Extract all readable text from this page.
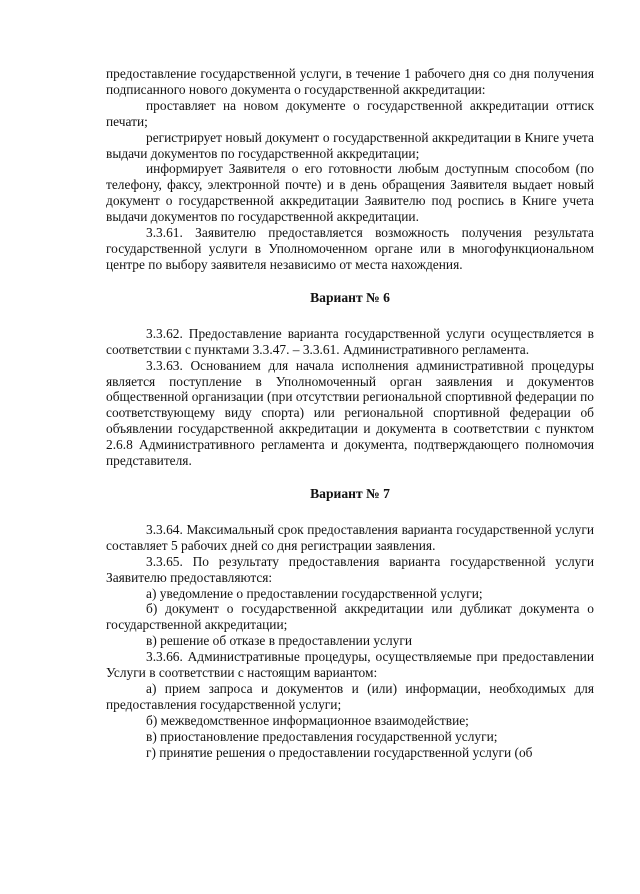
предоставление государственной услуги, в течение 1 рабочего дня со дня получения подписанного нового документа о государственной аккредитации:

проставляет на новом документе о государственной аккредитации оттиск печати;

регистрирует новый документ о государственной аккредитации в Книге учета выдачи документов по государственной аккредитации;

информирует Заявителя о его готовности любым доступным способом (по телефону, факсу, электронной почте) и в день обращения Заявителя выдает новый документ о государственной аккредитации Заявителю под роспись в Книге учета выдачи документов по государственной аккредитации.

3.3.61. Заявителю предоставляется возможность получения результата государственной услуги в Уполномоченном органе или в многофункциональном центре по выбору заявителя независимо от места нахождения.

Вариант № 6

3.3.62. Предоставление варианта государственной услуги осуществляется в соответствии с пунктами 3.3.47. – 3.3.61. Административного регламента.

3.3.63. Основанием для начала исполнения административной процедуры является поступление в Уполномоченный орган заявления и документов общественной организации (при отсутствии региональной спортивной федерации по соответствующему виду спорта) или региональной спортивной федерации об объявлении государственной аккредитации и документа в соответствии с пунктом 2.6.8 Административного регламента и документа, подтверждающего полномочия представителя.

Вариант № 7

3.3.64. Максимальный срок предоставления варианта государственной услуги составляет 5 рабочих дней со дня регистрации заявления.

3.3.65. По результату предоставления варианта государственной услуги Заявителю предоставляются:

а) уведомление о предоставлении государственной услуги;

б) документ о государственной аккредитации или дубликат документа о государственной аккредитации;

в) решение об отказе в предоставлении услуги

3.3.66. Административные процедуры, осуществляемые при предоставлении Услуги в соответствии с настоящим вариантом:

а) прием запроса и документов и (или) информации, необходимых для предоставления государственной услуги;

б) межведомственное информационное взаимодействие;

в) приостановление предоставления государственной услуги;

г) принятие решения о предоставлении государственной услуги (об
